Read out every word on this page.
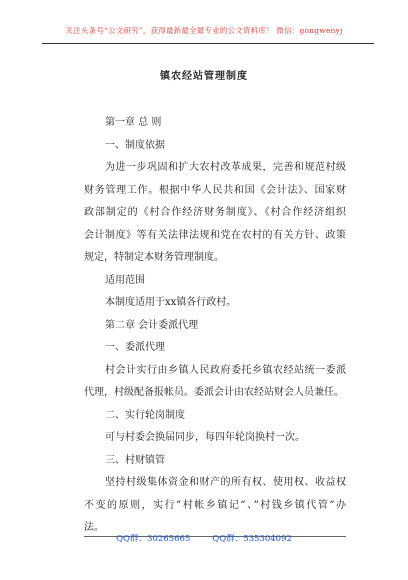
关注头条号“公文研究”，获得最新最全最专业的公文资料库！ 微信：gongwenyj
镇农经站管理制度
第一章 总 则
一、制度依据
为进一步巩固和扩大农村改革成果，完善和规范村级
财务管理工作。根据中华人民共和国《会计法》、国家财
政部制定的《村合作经济财务制度》、《村合作经济组织
会计制度》等有关法律法规和党在农村的有关方针、政策
规定，特制定本财务管理制度。
适用范围
本制度适用于xx镇各行政村。
第二章 会计委派代理
一、委派代理
村会计实行由乡镇人民政府委托乡镇农经站统一委派
代理，村级配备报帐员。委派会计由农经站财会人员兼任。
二、实行轮岗制度
可与村委会换届同步，每四年轮岗换村一次。
三、村财镇管
坚持村级集体资金和财产的所有权、使用权、收益权
不变的原则，实行”村帐乡镇记”、”村钱乡镇代管”办
法。
QQ群：30265665	QQ群：535304092
